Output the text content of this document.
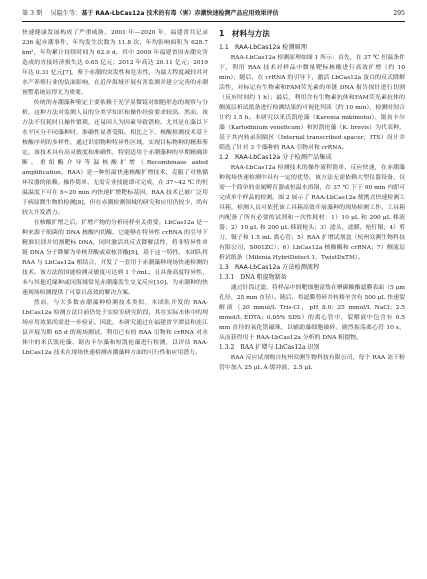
第 3 期　 吴隐生等：基于 RAA-LbCas12a 技术的有毒（害）赤潮快速检测产品应用效果评估	295

快速健康发展构成了严重威胁。2001 年—2020 年，福建省共记录 236 起赤潮事件，年均发生次数为 11.8 次，年均影响面积为 628.7 km²，年均累计持续时间为 62.9 d，其中 2009 年福建省因赤潮灾害造成的直接经济损失达 0.65 亿元；2012 年高达 20.11 亿元；2019 年达 0.31 亿元[7]。鉴于赤潮的突发性和危害性，为最大程度减轻其对水产养殖行业的负面影响，在近岸海域开展有害监测并建立完善的赤潮预警系统显得尤为重要。

传统的赤潮藻种鉴定主要依赖于光学显微镜对细胞形态的观察与分析，这种方法对监测人员的分类学知识和操作经验要求较高。然而，该方法不仅耗时且操作繁琐，还易因人为因素导致错检。尤其是在藻以下水平区分不同藻种时，准确性显著受限。相比之下，核酸检测技术基于核酸序列的多样性，通过识别物种特异性区域，实现目标物种的精准鉴定。该技术具有高灵敏度和准确性，特别适用于赤潮藻种的早期精确诊断。重组酶介导等温核酸扩增（Recombinase aided amplification，RAA）是一种恒温快速核酸扩增技术，克服了对热循环仪器的依赖。操作简单、无需专业技能即可完成，在 37~42 ℃ 的恒温温度下可在 5~20 min 内快速扩增靶标基因。RAA 技术已被广泛用于病原微生物的检测[8]，但在赤潮检测领域的研究和应用仍较少，尚有较大开发潜力。

在核酸扩增之后，扩增产物的分析同样至关重要。LbCas12a 是一种来源于细菌的 DNA 核酸内切酶，它能够在特异性 crRNA 的引导下精准识别并切割靶标 DNA，同时激活其反式降解活性，将非特异性单链 DNA 分子降解为单核苷酸或双核苷酸[9]。基于这一特性，本团队将 RAA 与 LbCas12a 相结合，开发了一套用于赤潮藻种现场快速检测的技术。该方法的国能检测灵敏度可达到 1 个/mL，且具备高度特异性，未与其他近缘种或同海域常见赤潮藻发生交叉反应[10]。为赤潮种的快速现场检测提供了可靠且高效的解决方案。

然而，与大多数赤潮藻种检测技术类似，本团队开发的 RAA-LbCas12a 检测方法目前仍处于实验室研究阶段，其在实际水体中的现场应用效果尚需进一步验证。因此，本研究通过在福建省平潭县和连江县开展为期 65 d 的现场测试，利用已有的 RAA 引物和 crRNA 对水体中的米氏凯伦藻、锯齿卡尔藻和短凯伦藻进行检测，以评估 RAA-LbCas12a 技术在现场快速检测赤潮藻种方面的可行性和应用潜力。

1　材料与方法
1.1　RAA-LbCas12a 检测原理

RAA-LbCas12a 检测原理如图 1 所示：首先，在 37 ℃ 恒温条件下，利用 RAA 技术对样品中微量靶标核酸进行高效扩增（约 10 min）；随后，在 crRNA 的引导下，激活 LbCas12a 蛋白的反式降解活性，对标记有生物素和FAM荧光素的单链 DNA 报告探针进行切割（反应时间约 1 h）；最后，利用含有生物素抗体和FAM荧光素抗体的侧流层析试纸条进行检测结果的可视化判读（约 10 min），检测时间合计约 1.5 h。本研究以米氏凯伦藻（Karenia mikimotoi）、锯齿卡尔藻（Karlodinium veneficum）和短凯伦藻（K. brevis）为代表种，基于其内转录间隔区（Internal transcribed spacer，ITS）设计并筛选了针对 3 个藻种的 RAA 引物对和 crRNA。

1.2　RAA-LbCas12a 分子检测产品集成

RAA-LbCas12a 检测技术的操作流程简单、反应快速，在赤潮藻种现场快速检测中具有一定的优势。该方法无需依赖大型仪器设备，仅需一个简单的金属孵育器或恒温水浴锅，在 37 ℃ 下于 90 min 内即可完成单个样品的检测。图 2 展示了 RAA-LbCas12a 便携式快速检测工具箱，检测人员可依托该工具箱高效开展藻种的现场检测工作。工具箱内配备了所有必要的试剂和一次性耗材：1）10 μL 和 200 μL 移液器；2）10 μL 和 200 μL 移液枪头；3）滤头、滤膜、枪钉镊；4）剪刀、镊子和 1.5 mL 离心管；5）RAA 扩增试剂盒（杭州众测生物科技有限公司，S001ZC）；6）LbCas12a 核酸酶和 crRNA；7）侧流层析试纸条（Milenia HybriDetect 1，TwistDxTM）。

1.3　RAA-LbCas12a 方法检测流程
1.3.1　DNA 粗提物制备

通过针筒过滤，将样品中的靶细胞富集在聚碳酸酯滤膜表面（5 μm 孔径，25 mm 直径）。随后，将滤膜剪碎并转移至含有 500 μL 快速裂解液（20 mmol/L Tris-Cl，pH 8.0；25 mmol/L NaCl；2.5 mmol/L EDTA；0.05% SDS）的离心管中，裂解液中包含有 0.5 mm 直径的氧化锆磁珠，以辅助藻细胞破碎。剧烈振荡离心管 10 s，从而获得用于 RAA-LbCas12a 分析的 DNA 粗提物。

1.3.2　RAA 扩增与 LbCas12a 识别

RAA 反应试剂购自杭州众测生物科技有限公司，每个 RAA 冻干粉管中加入 25 μL A 缓冲液，2.5 μL
